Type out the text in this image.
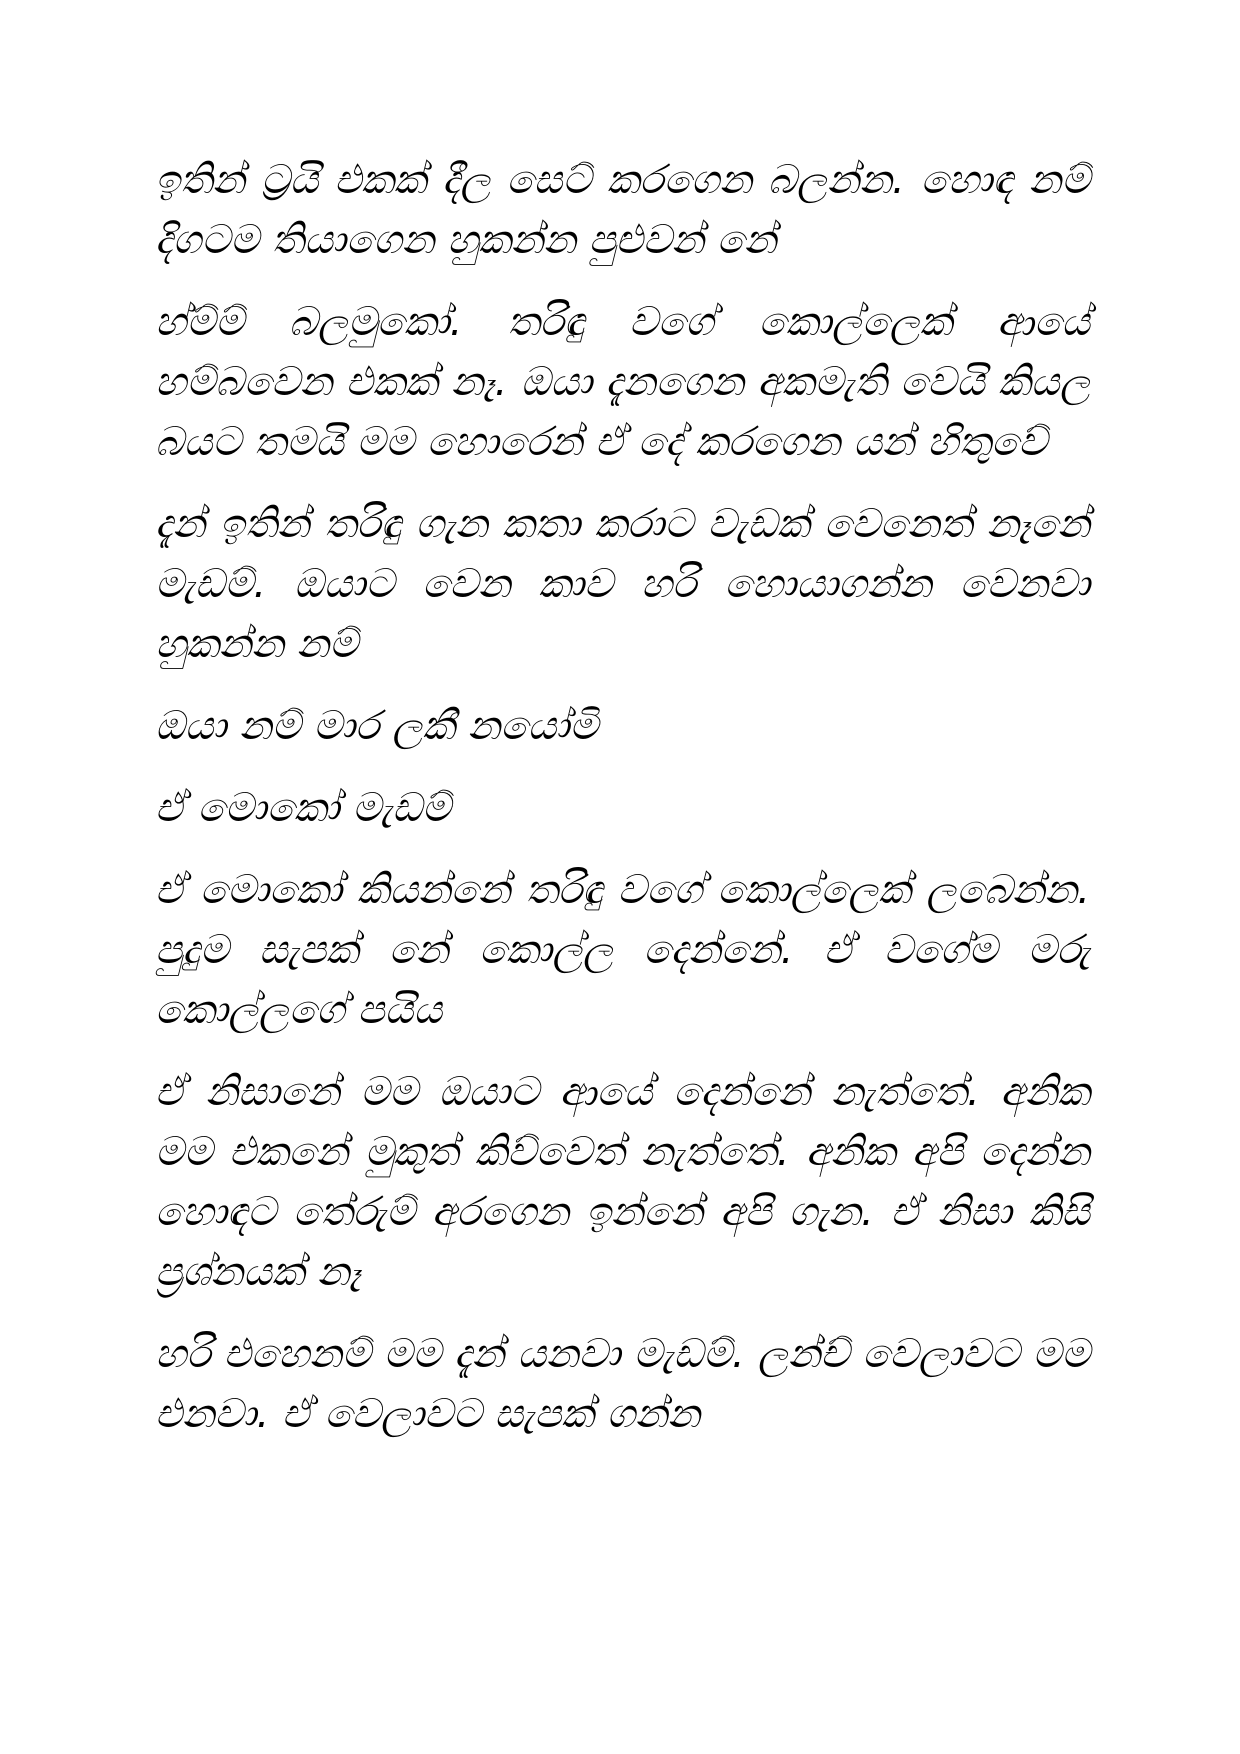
ඉතින් ට්‍රයි එකක් දීල සෙට් කරගෙන බලන්න. හොඳ නම් දිගටම තියාගෙන හුකන්න පුළුවන් නේ

හ්ම්ම් බලමුකෝ. තරිඳු වගේ කොල්ලෙක් ආයේ හම්බවෙන එකක් නෑ. ඔයා දැනගෙන අකමැති වෙයි කියල බයට තමයි මම හොරෙන් ඒ දේ කරගෙන යන් හිතුවේ

දැන් ඉතින් තරිඳු ගැන කතා කරාට වැඩක් වෙනෙත් නෑනේ මැඩම්. ඔයාට වෙන කාව හරි හොයාගන්න වෙනවා හුකන්න නම්

ඔයා නම් මාර ලකී නයෝමි

ඒ මොකෝ මැඩම්

ඒ මොකෝ කියන්නේ තරිඳු වගේ කොල්ලෙක් ලබෙන්න. පුදුම සැපක් නේ කොල්ල දෙන්නේ. ඒ වගේම මරු කොල්ලගේ පයිය

ඒ නිසානේ මම ඔයාට ආයේ දෙන්නේ නැත්තේ. අනික මම එකනේ මුකුත් කිව්වෙත් නැත්තේ. අනික අපි දෙන්න හොඳට තේරුම් අරගෙන ඉන්නේ අපි ගැන. ඒ නිසා කිසි ප්‍රශ්නයක් නෑ

හරි එහෙනම් මම දැන් යනවා මැඩම්. ලන්ච් වෙලාවට මම එනවා. ඒ වෙලාවට සැපක් ගන්න
